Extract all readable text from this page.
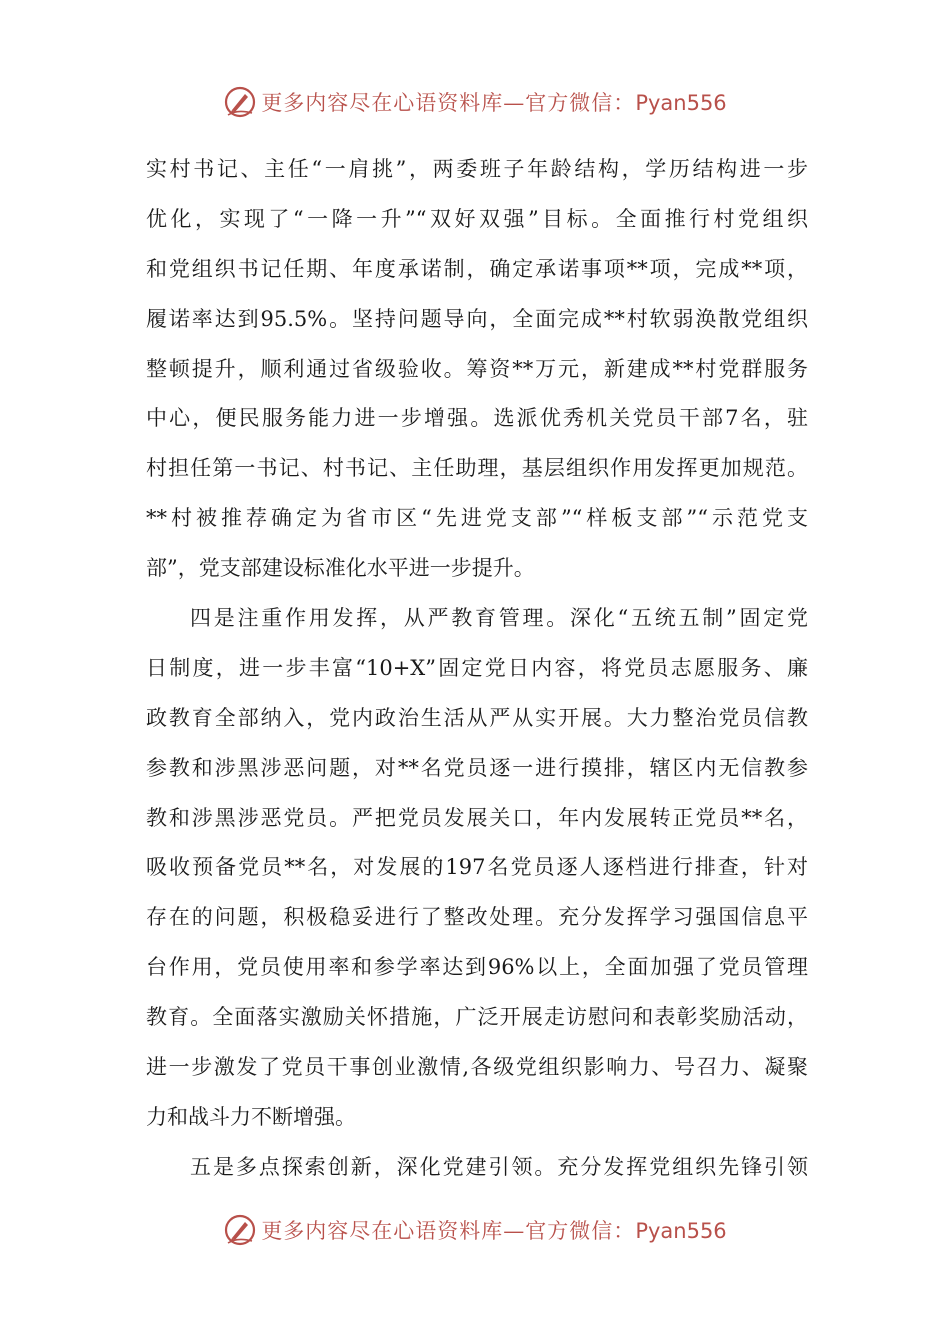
更多内容尽在心语资料库—官方微信：Pyan556
实村书记、主任“一肩挑”，两委班子年龄结构，学历结构进一步
优化，实现了“一降一升”“双好双强”目标。全面推行村党组织
和党组织书记任期、年度承诺制，确定承诺事项**项，完成**项，
履诺率达到95.5%。坚持问题导向，全面完成**村软弱涣散党组织
整顿提升，顺利通过省级验收。筹资**万元，新建成**村党群服务
中心，便民服务能力进一步增强。选派优秀机关党员干部7名，驻
村担任第一书记、村书记、主任助理，基层组织作用发挥更加规范。
**村被推荐确定为省市区“先进党支部”“样板支部”“示范党支
部”，党支部建设标准化水平进一步提升。
四是注重作用发挥，从严教育管理。深化“五统五制”固定党
日制度，进一步丰富“10+X”固定党日内容，将党员志愿服务、廉
政教育全部纳入，党内政治生活从严从实开展。大力整治党员信教
参教和涉黑涉恶问题，对**名党员逐一进行摸排，辖区内无信教参
教和涉黑涉恶党员。严把党员发展关口，年内发展转正党员**名，
吸收预备党员**名，对发展的197名党员逐人逐档进行排查，针对
存在的问题，积极稳妥进行了整改处理。充分发挥学习强国信息平
台作用，党员使用率和参学率达到96%以上，全面加强了党员管理
教育。全面落实激励关怀措施，广泛开展走访慰问和表彰奖励活动，
进一步激发了党员干事创业激情,各级党组织影响力、号召力、凝聚
力和战斗力不断增强。
五是多点探索创新，深化党建引领。充分发挥党组织先锋引领
更多内容尽在心语资料库—官方微信：Pyan556
